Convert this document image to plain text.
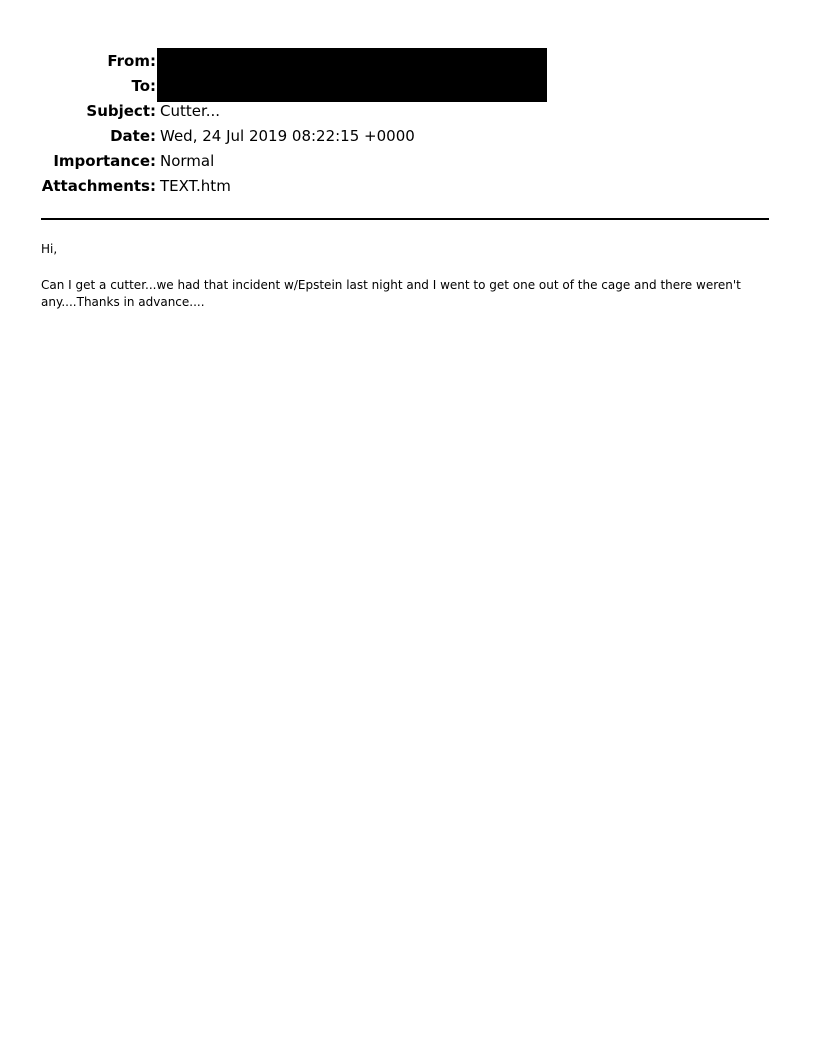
From:
To:
Subject: Cutter...
Date: Wed, 24 Jul 2019 08:22:15 +0000
Importance: Normal
Attachments: TEXT.htm

Hi,

Can I get a cutter...we had that incident w/Epstein last night and I went to get one out of the cage and there weren't any....Thanks in advance....
